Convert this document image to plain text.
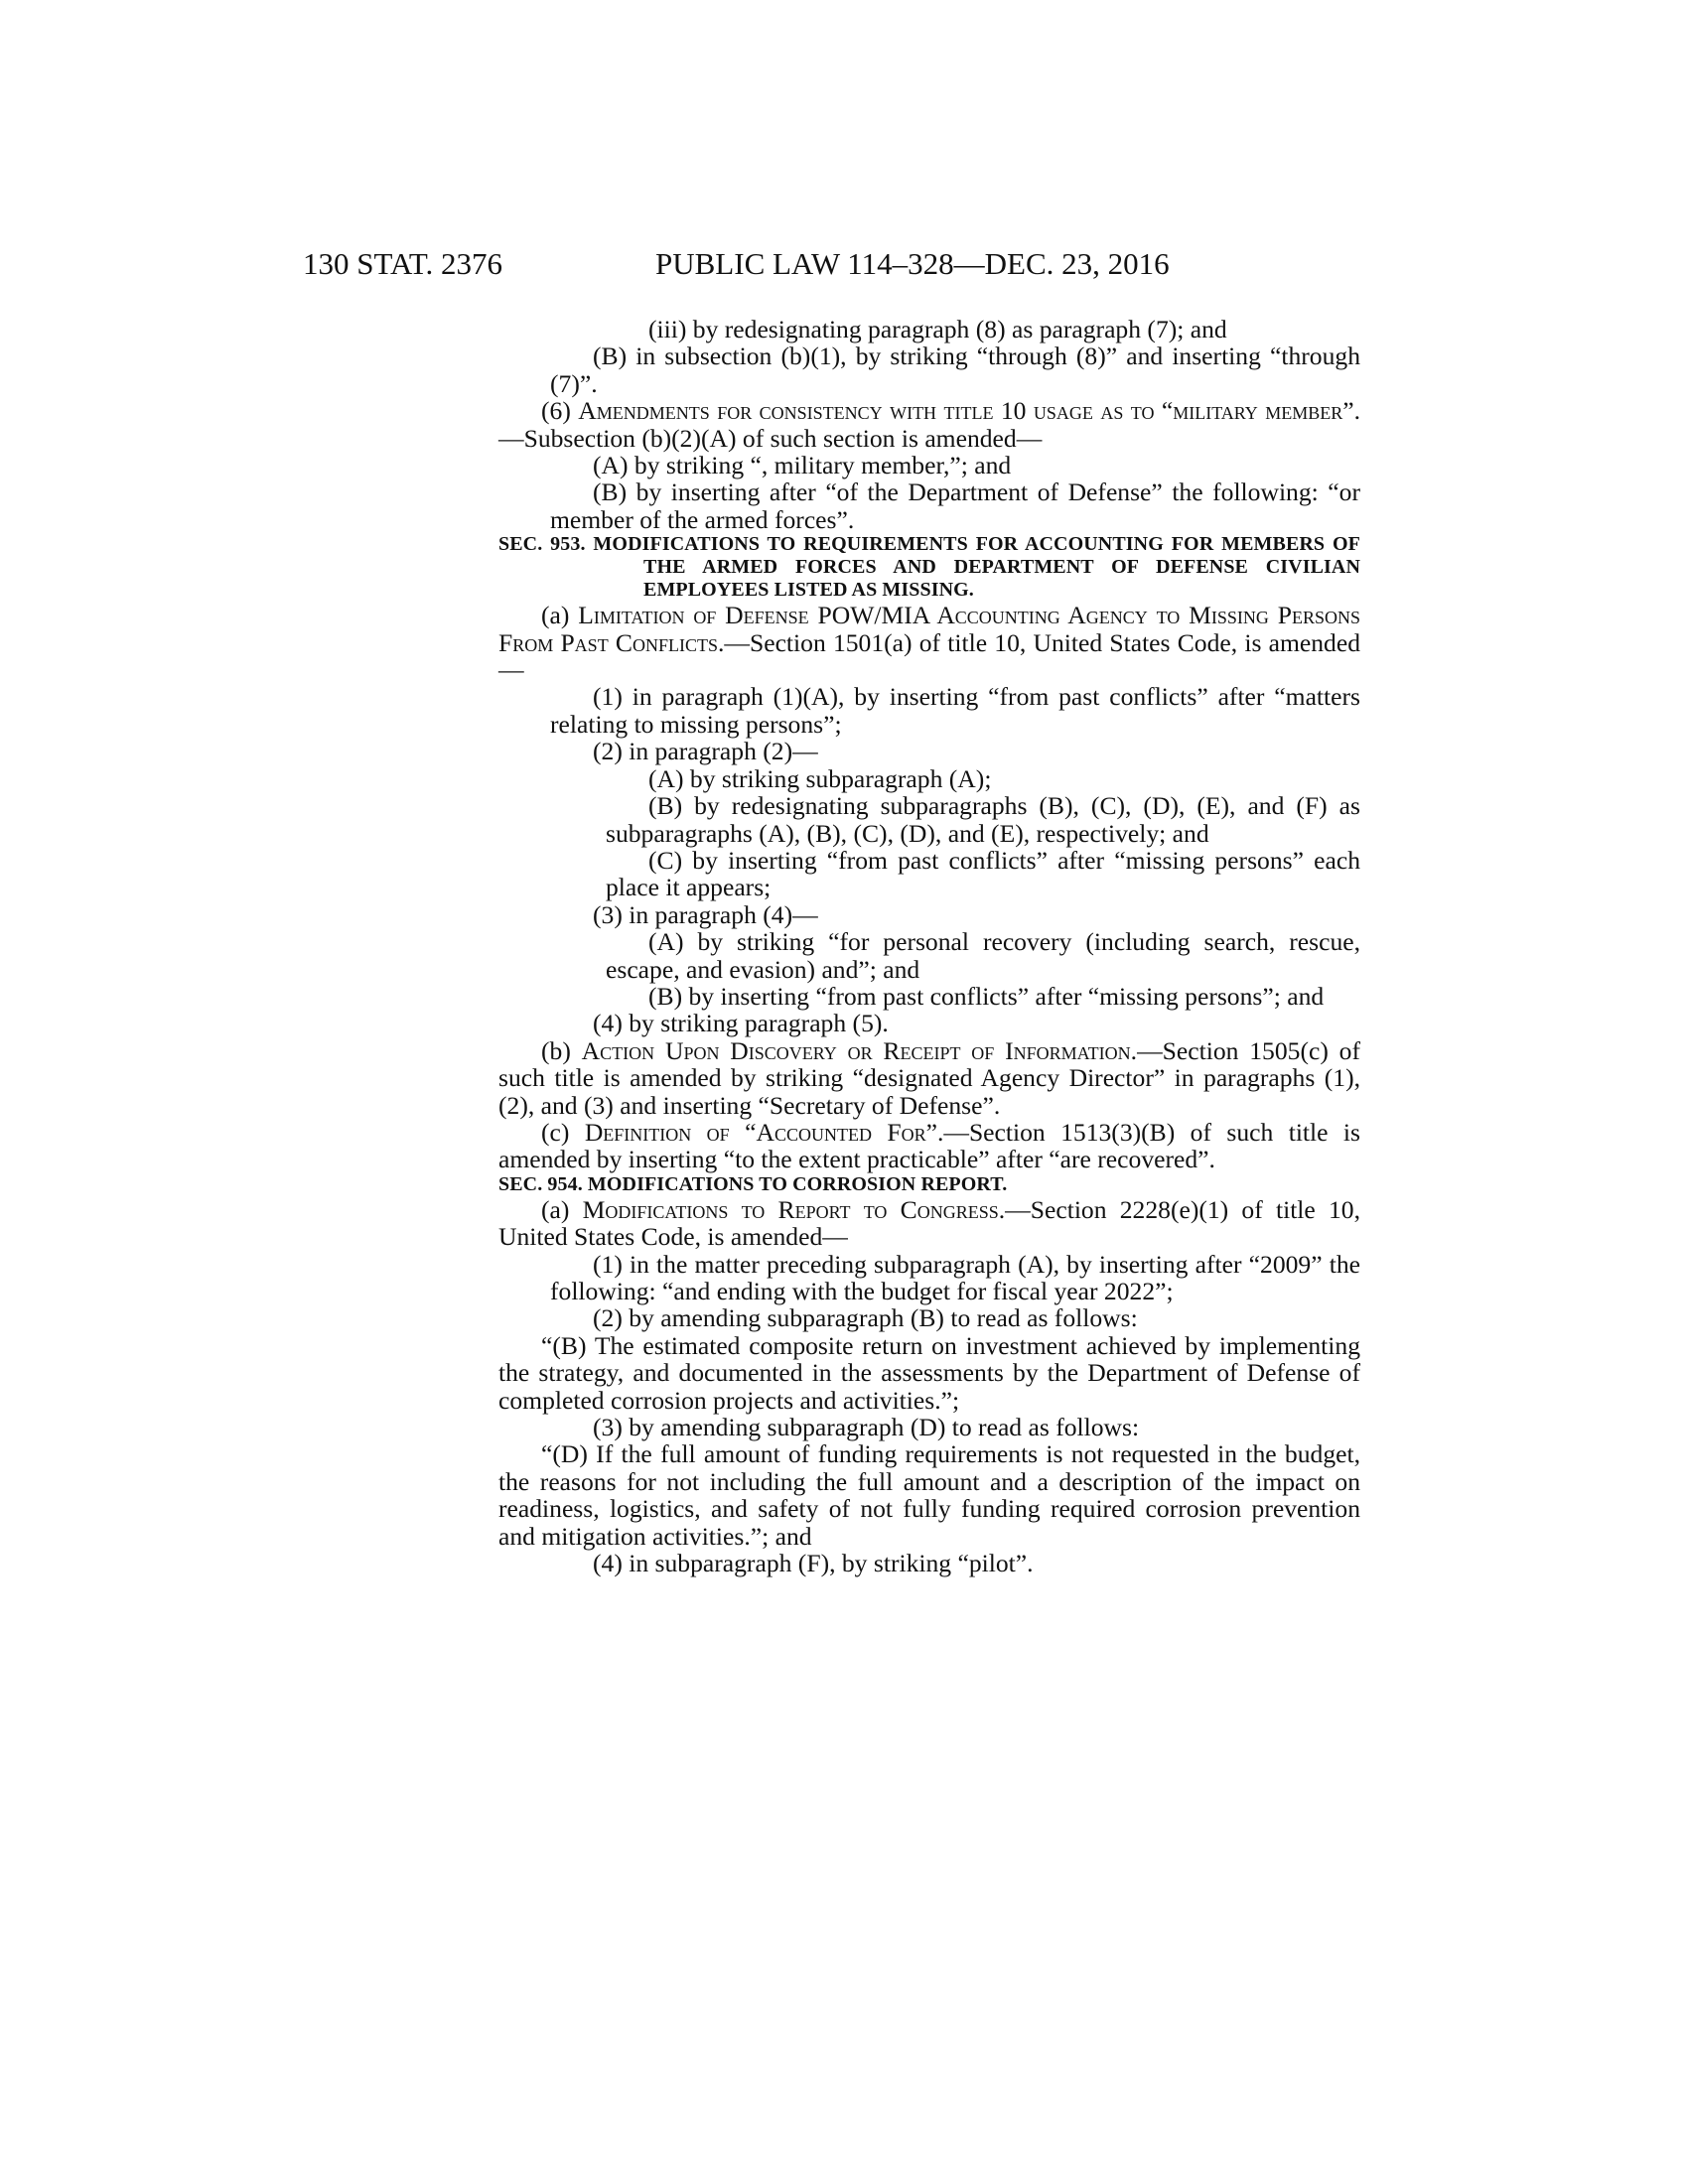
130 STAT. 2376	PUBLIC LAW 114–328—DEC. 23, 2016

(iii) by redesignating paragraph (8) as paragraph (7); and

(B) in subsection (b)(1), by striking “through (8)” and inserting “through (7)”.

(6) Amendments for consistency with title 10 usage as to “military member”.—Subsection (b)(2)(A) of such section is amended—

(A) by striking “, military member,”; and

(B) by inserting after “of the Department of Defense” the following: “or member of the armed forces”.

SEC. 953. MODIFICATIONS TO REQUIREMENTS FOR ACCOUNTING FOR MEMBERS OF THE ARMED FORCES AND DEPARTMENT OF DEFENSE CIVILIAN EMPLOYEES LISTED AS MISSING.

(a) Limitation of Defense POW/MIA Accounting Agency to Missing Persons From Past Conflicts.—Section 1501(a) of title 10, United States Code, is amended—

(1) in paragraph (1)(A), by inserting “from past conflicts” after “matters relating to missing persons”;

(2) in paragraph (2)—

(A) by striking subparagraph (A);

(B) by redesignating subparagraphs (B), (C), (D), (E), and (F) as subparagraphs (A), (B), (C), (D), and (E), respectively; and

(C) by inserting “from past conflicts” after “missing persons” each place it appears;

(3) in paragraph (4)—

(A) by striking “for personal recovery (including search, rescue, escape, and evasion) and”; and

(B) by inserting “from past conflicts” after “missing persons”; and

(4) by striking paragraph (5).

(b) Action Upon Discovery or Receipt of Information.—Section 1505(c) of such title is amended by striking “designated Agency Director” in paragraphs (1), (2), and (3) and inserting “Secretary of Defense”.

(c) Definition of “Accounted For”.—Section 1513(3)(B) of such title is amended by inserting “to the extent practicable” after “are recovered”.

SEC. 954. MODIFICATIONS TO CORROSION REPORT.

(a) Modifications to Report to Congress.—Section 2228(e)(1) of title 10, United States Code, is amended—

(1) in the matter preceding subparagraph (A), by inserting after “2009” the following: “and ending with the budget for fiscal year 2022”;

(2) by amending subparagraph (B) to read as follows:

“(B) The estimated composite return on investment achieved by implementing the strategy, and documented in the assessments by the Department of Defense of completed corrosion projects and activities.”;

(3) by amending subparagraph (D) to read as follows:

“(D) If the full amount of funding requirements is not requested in the budget, the reasons for not including the full amount and a description of the impact on readiness, logistics, and safety of not fully funding required corrosion prevention and mitigation activities.”; and

(4) in subparagraph (F), by striking “pilot”.
